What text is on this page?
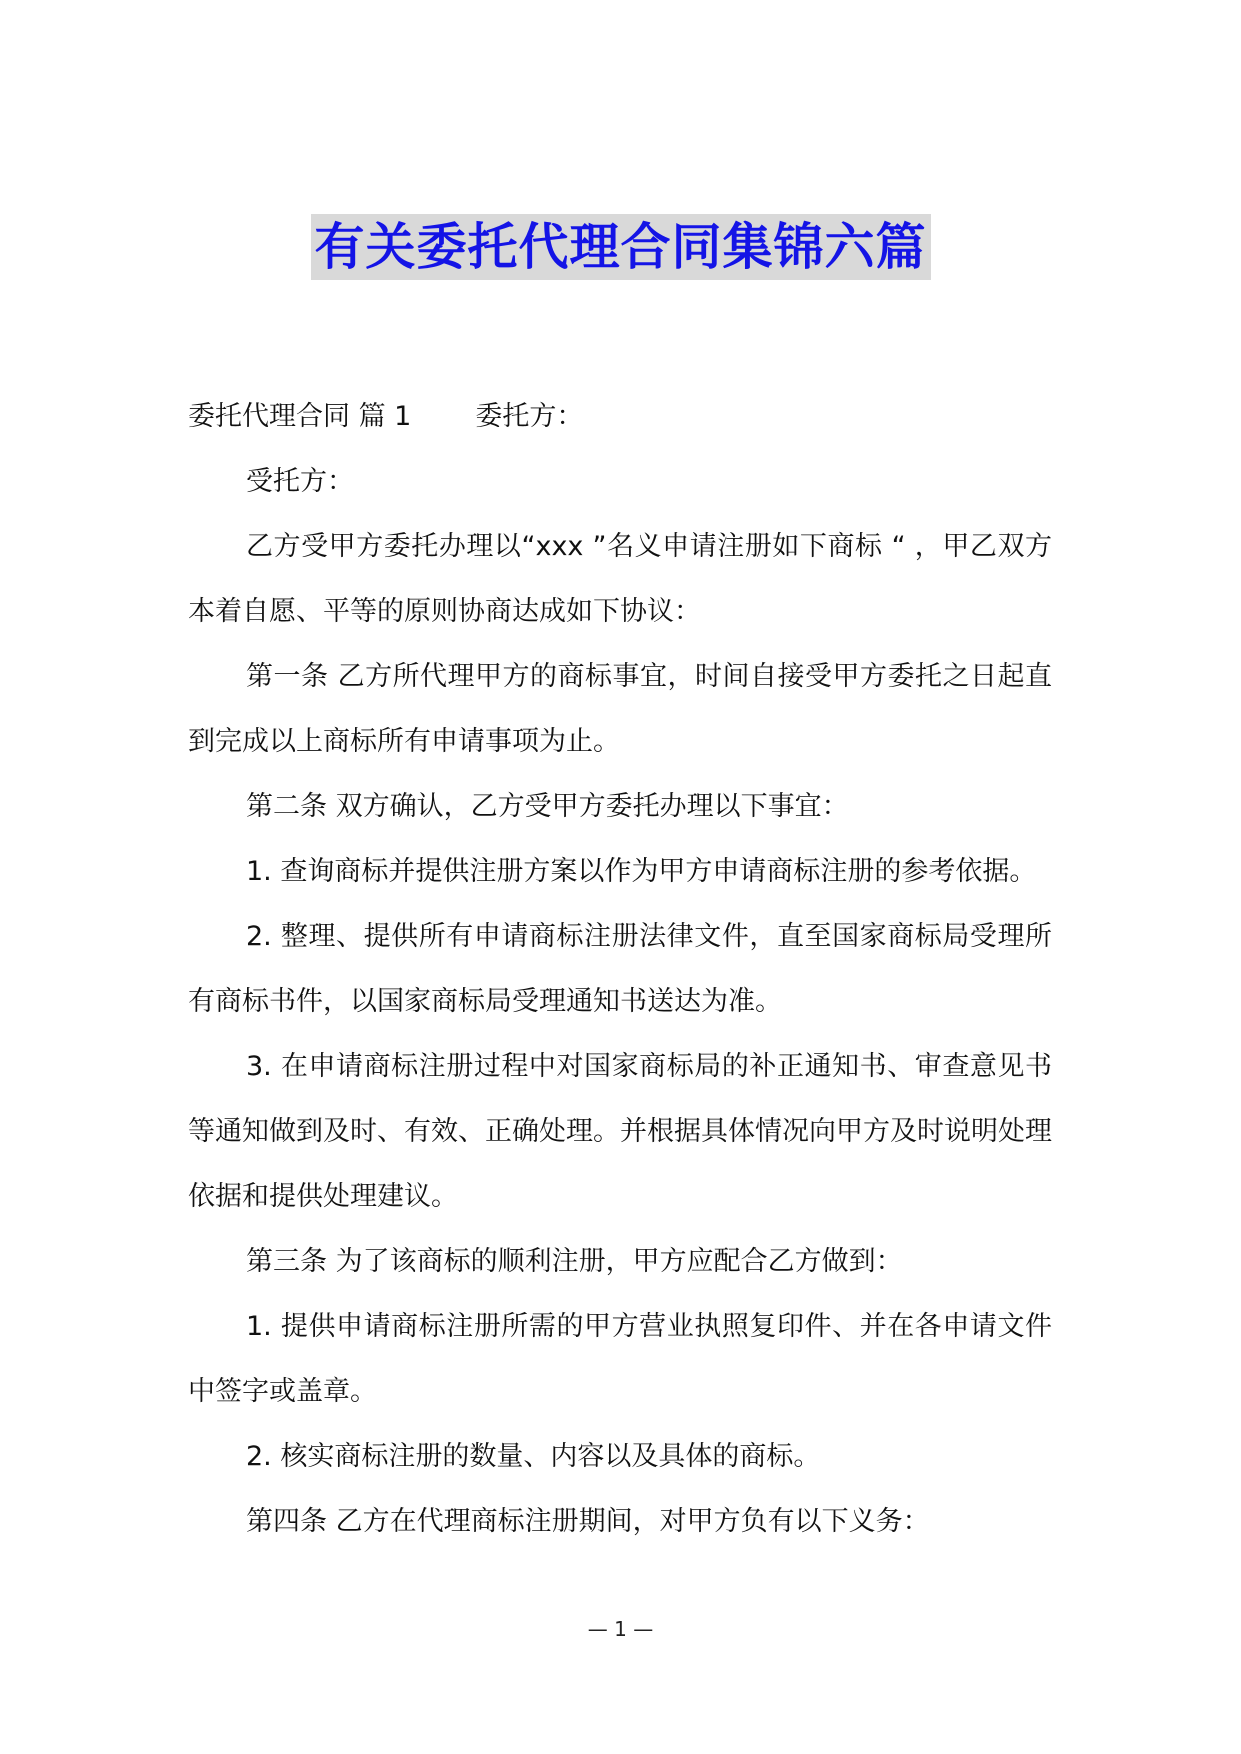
有关委托代理合同集锦六篇

委托代理合同 篇 1 委托方：

受托方：

乙方受甲方委托办理以“xxx ”名义申请注册如下商标 “ ，甲乙双方本着自愿、平等的原则协商达成如下协议：

第一条 乙方所代理甲方的商标事宜，时间自接受甲方委托之日起直到完成以上商标所有申请事项为止。

第二条 双方确认，乙方受甲方委托办理以下事宜：

1. 查询商标并提供注册方案以作为甲方申请商标注册的参考依据。

2. 整理、提供所有申请商标注册法律文件，直至国家商标局受理所有商标书件，以国家商标局受理通知书送达为准。

3. 在申请商标注册过程中对国家商标局的补正通知书、审查意见书等通知做到及时、有效、正确处理。并根据具体情况向甲方及时说明处理依据和提供处理建议。

第三条 为了该商标的顺利注册，甲方应配合乙方做到：

1. 提供申请商标注册所需的甲方营业执照复印件、并在各申请文件中签字或盖章。

2. 核实商标注册的数量、内容以及具体的商标。

第四条 乙方在代理商标注册期间，对甲方负有以下义务：

— 1 —
